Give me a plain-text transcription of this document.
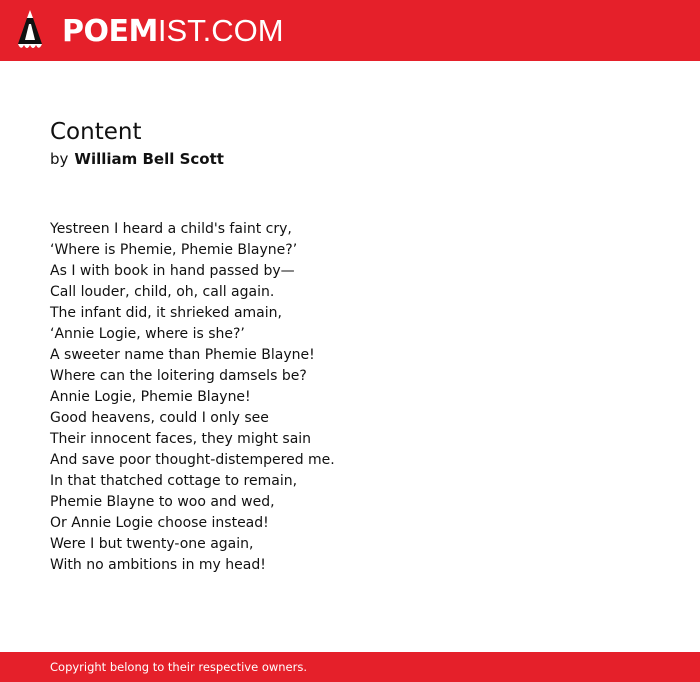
POEM IST.COM
Content
by William Bell Scott
Yestreen I heard a child's faint cry,
‘Where is Phemie, Phemie Blayne?’
As I with book in hand passed by—
Call louder, child, oh, call again.
The infant did, it shrieked amain,
‘Annie Logie, where is she?’
A sweeter name than Phemie Blayne!
Where can the loitering damsels be?
Annie Logie, Phemie Blayne!
Good heavens, could I only see
Their innocent faces, they might sain
And save poor thought-distempered me.
In that thatched cottage to remain,
Phemie Blayne to woo and wed,
Or Annie Logie choose instead!
Were I but twenty-one again,
With no ambitions in my head!
Copyright belong to their respective owners.
